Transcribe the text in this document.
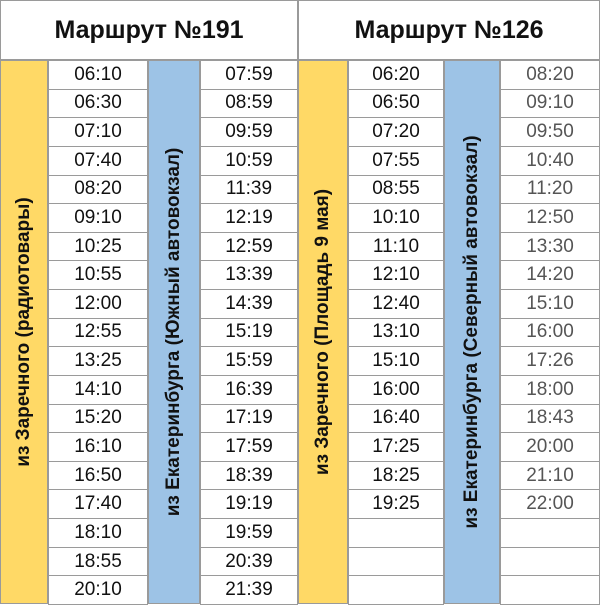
Маршрут №191
из Заречного (радиотовары)
06:10
06:30
07:10
07:40
08:20
09:10
10:25
10:55
12:00
12:55
13:25
14:10
15:20
16:10
16:50
17:40
18:10
18:55
20:10
из Екатеринбурга (Южный автовокзал)
07:59
08:59
09:59
10:59
11:39
12:19
12:59
13:39
14:39
15:19
15:59
16:39
17:19
17:59
18:39
19:19
19:59
20:39
21:39
Маршрут №126
из Заречного (Площадь 9 мая)
06:20
06:50
07:20
07:55
08:55
10:10
11:10
12:10
12:40
13:10
15:10
16:00
16:40
17:25
18:25
19:25	из Екатеринбурга (Северный автовокзал)
08:20
09:10
09:50
10:40
11:20
12:50
13:30
14:20
15:10
16:00
17:26
18:00
18:43
20:00
21:10
22:00
